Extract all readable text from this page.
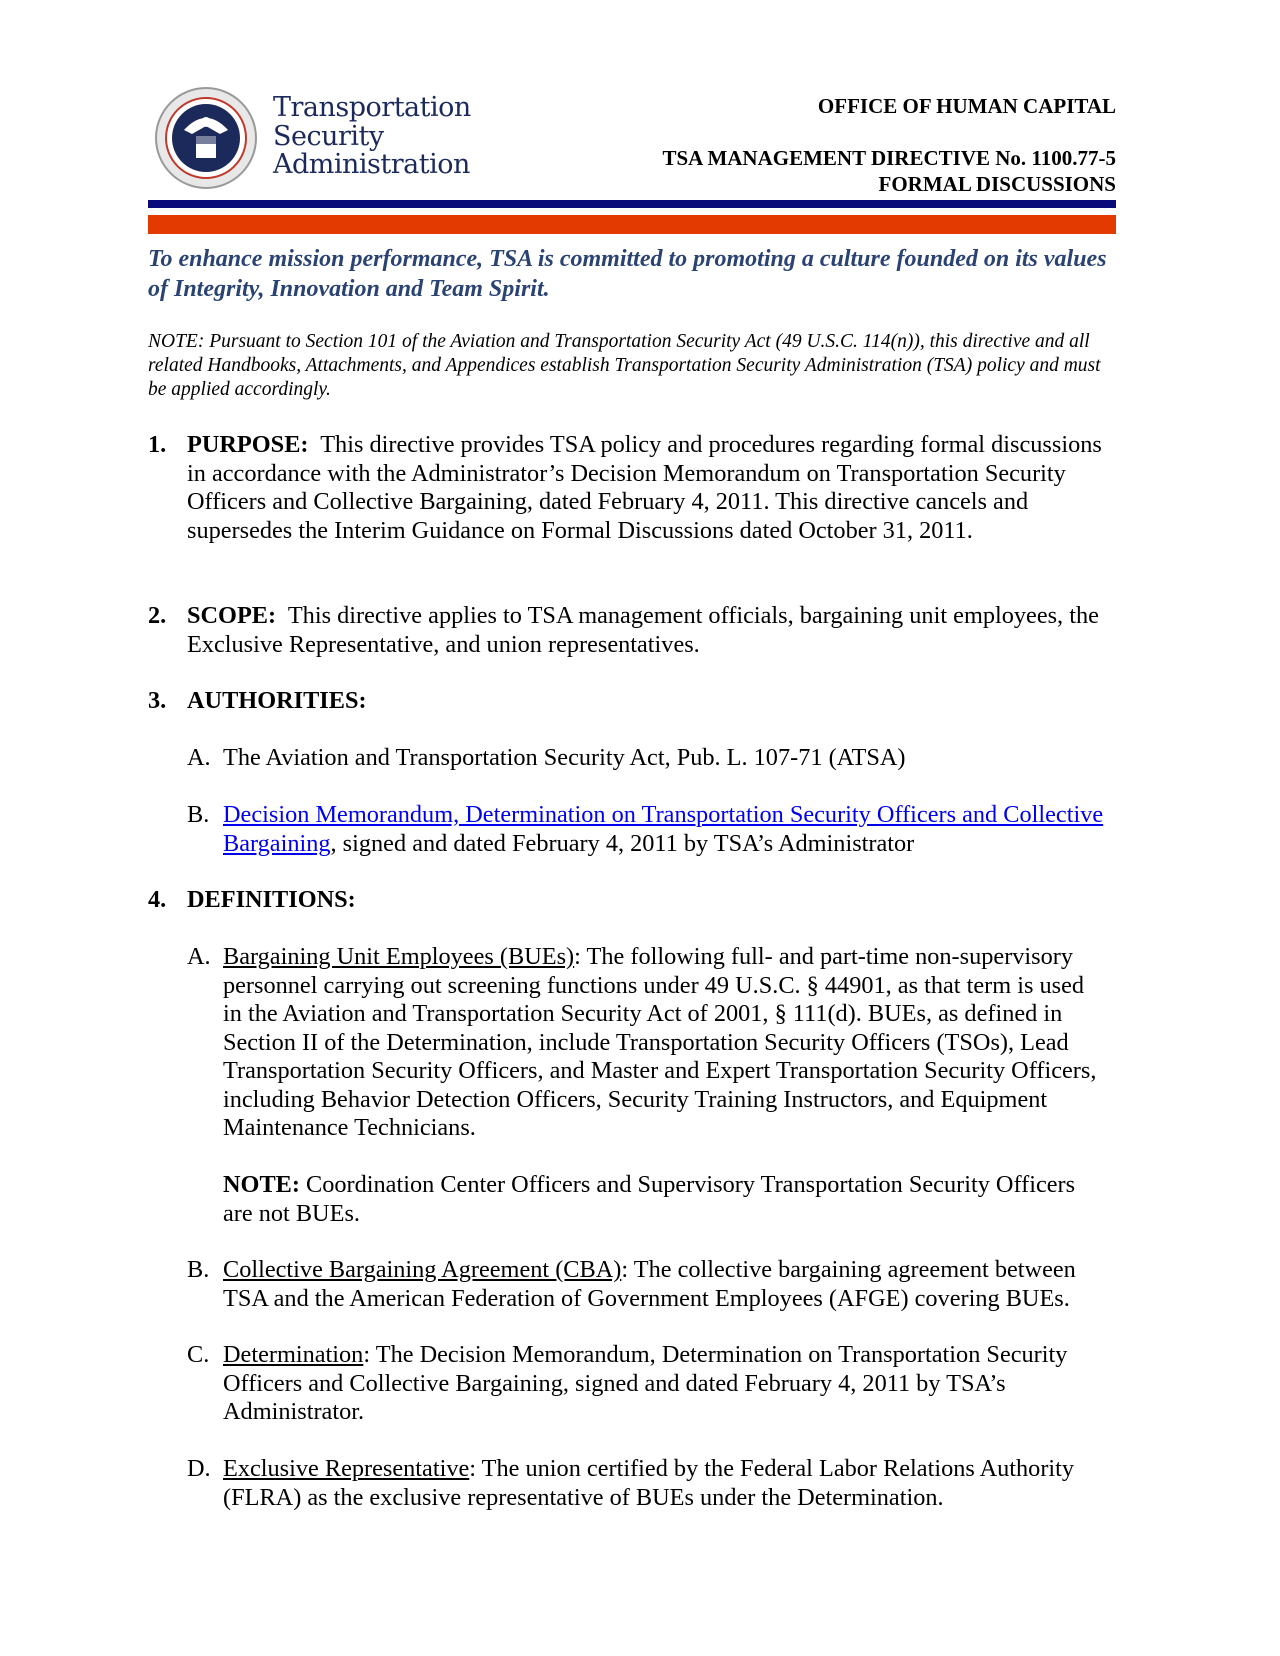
Transportation
Security
Administration
OFFICE OF HUMAN CAPITAL
TSA MANAGEMENT DIRECTIVE No. 1100.77-5
FORMAL DISCUSSIONS
To enhance mission performance, TSA is committed to promoting a culture founded on its values of Integrity, Innovation and Team Spirit.
NOTE: Pursuant to Section 101 of the Aviation and Transportation Security Act (49 U.S.C. 114(n)), this directive and all related Handbooks, Attachments, and Appendices establish Transportation Security Administration (TSA) policy and must be applied accordingly.
1. PURPOSE: This directive provides TSA policy and procedures regarding formal discussions in accordance with the Administrator’s Decision Memorandum on Transportation Security Officers and Collective Bargaining, dated February 4, 2011. This directive cancels and supersedes the Interim Guidance on Formal Discussions dated October 31, 2011.
2. SCOPE: This directive applies to TSA management officials, bargaining unit employees, the Exclusive Representative, and union representatives.
3. AUTHORITIES:
A. The Aviation and Transportation Security Act, Pub. L. 107-71 (ATSA)
B. Decision Memorandum, Determination on Transportation Security Officers and Collective Bargaining, signed and dated February 4, 2011 by TSA’s Administrator
4. DEFINITIONS:
A. Bargaining Unit Employees (BUEs): The following full- and part-time non-supervisory personnel carrying out screening functions under 49 U.S.C. § 44901, as that term is used in the Aviation and Transportation Security Act of 2001, § 111(d). BUEs, as defined in Section II of the Determination, include Transportation Security Officers (TSOs), Lead Transportation Security Officers, and Master and Expert Transportation Security Officers, including Behavior Detection Officers, Security Training Instructors, and Equipment Maintenance Technicians.
NOTE: Coordination Center Officers and Supervisory Transportation Security Officers are not BUEs.
B. Collective Bargaining Agreement (CBA): The collective bargaining agreement between TSA and the American Federation of Government Employees (AFGE) covering BUEs.
C. Determination: The Decision Memorandum, Determination on Transportation Security Officers and Collective Bargaining, signed and dated February 4, 2011 by TSA’s Administrator.
D. Exclusive Representative: The union certified by the Federal Labor Relations Authority (FLRA) as the exclusive representative of BUEs under the Determination.
